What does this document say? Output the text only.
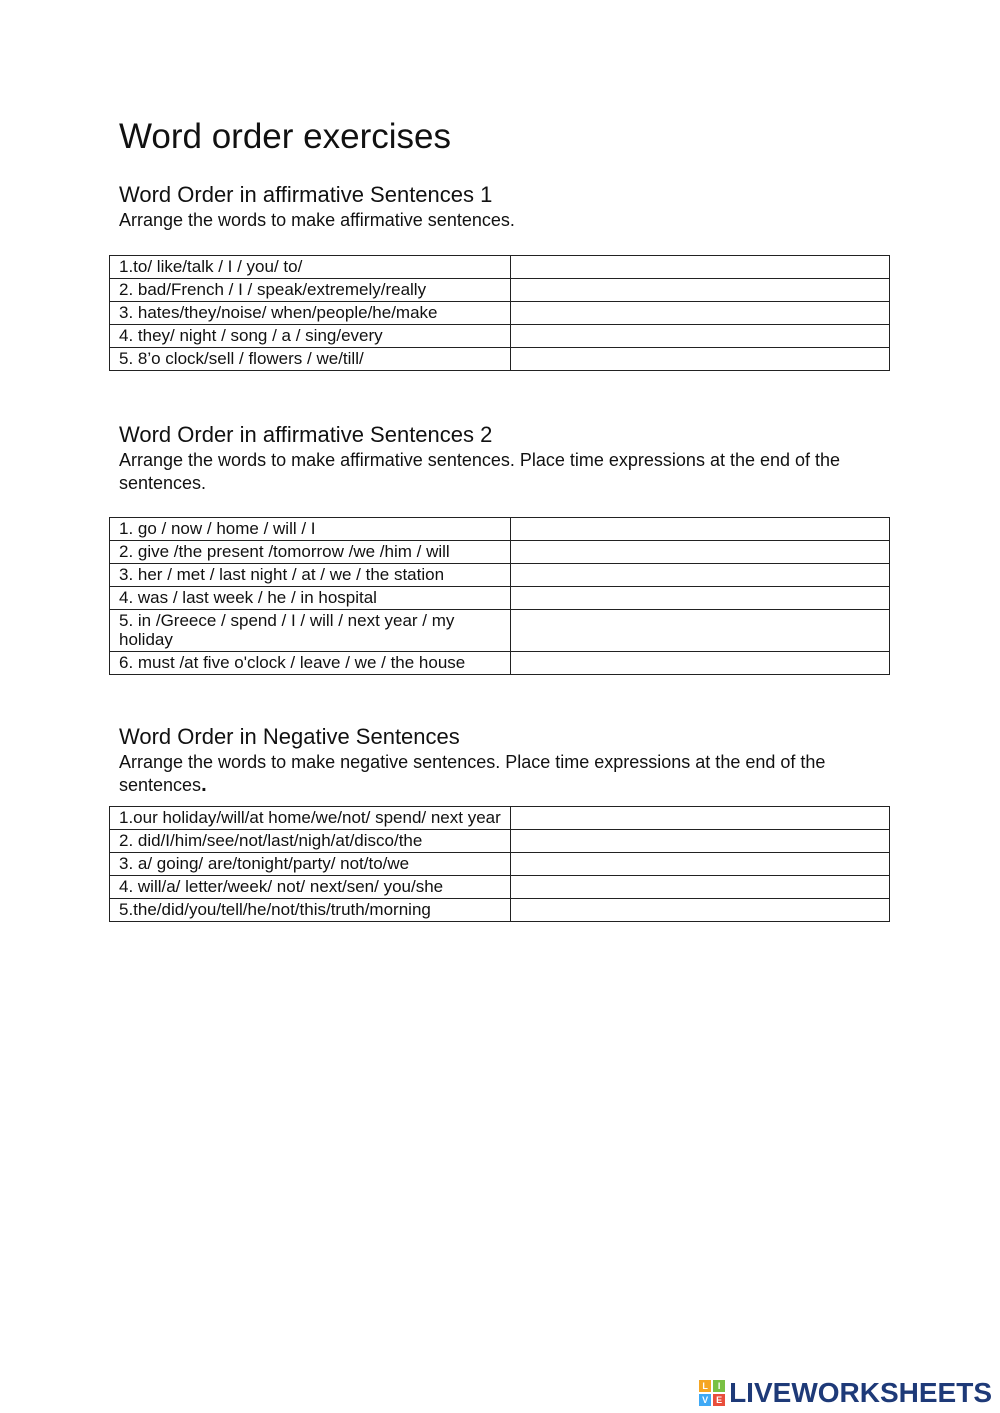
Word order exercises
Word Order in affirmative Sentences 1

Arrange the words to make affirmative sentences.

1.to/ like/talk / I / you/ to/	
2. bad/French / I / speak/extremely/really	
3. hates/they/noise/ when/people/he/make	
4. they/ night / song / a / sing/every	
5. 8’o clock/sell / flowers / we/till/	
Word Order in affirmative Sentences 2

Arrange the words to make affirmative sentences. Place time expressions at the end of the sentences.

1. go / now / home / will / I	
2. give /the present /tomorrow /we /him / will	
3. her / met / last night / at / we / the station	
4. was / last week / he / in hospital	
5. in /Greece / spend / I / will / next year / my holiday	
6. must /at five o'clock / leave / we / the house	
Word Order in Negative Sentences

Arrange the words to make negative sentences. Place time expressions at the end of the sentences.

1.our holiday/will/at home/we/not/ spend/ next year	
2. did/I/him/see/not/last/nigh/at/disco/the	
3. a/ going/ are/tonight/party/ not/to/we	
4. will/a/ letter/week/ not/ next/sen/ you/she	
5.the/did/you/tell/he/not/this/truth/morning	
L	I
V E LIVEWORKSHEETS
